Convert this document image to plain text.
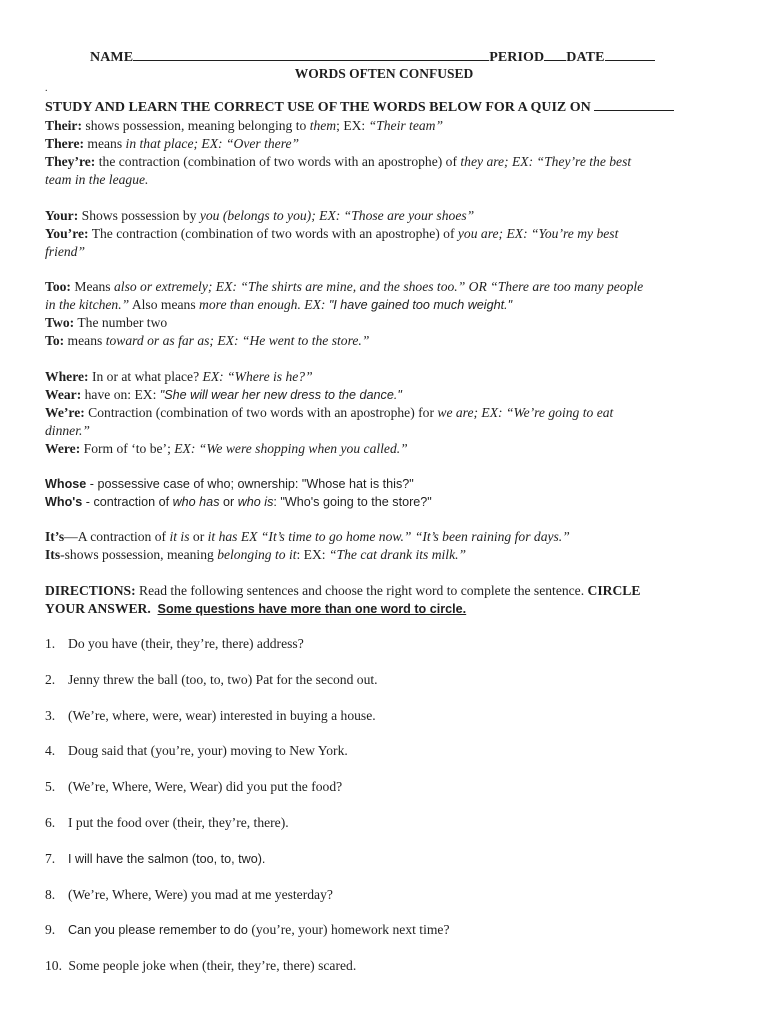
NAME	PERIOD DATE
WORDS OFTEN CONFUSED
.
STUDY AND LEARN THE CORRECT USE OF THE WORDS BELOW FOR A QUIZ ON
Their: shows possession, meaning belonging to them; EX: “Their team”
There: means in that place; EX: “Over there”
They’re: the contraction (combination of two words with an apostrophe) of they are; EX: “They’re the best
team in the league.
Your: Shows possession by you (belongs to you); EX: “Those are your shoes”
You’re: The contraction (combination of two words with an apostrophe) of you are; EX: “You’re my best
friend”
Too: Means also or extremely; EX: “The shirts are mine, and the shoes too.” OR “There are too many people
in the kitchen.” Also means more than enough. EX: "I have gained too much weight."
Two: The number two
To: means toward or as far as; EX: “He went to the store.”
Where: In or at what place? EX: “Where is he?”
Wear: have on: EX: "She will wear her new dress to the dance."
We’re: Contraction (combination of two words with an apostrophe) for we are; EX: “We’re going to eat
dinner.”
Were: Form of ‘to be’; EX: “We were shopping when you called.”
Whose - possessive case of who; ownership: "Whose hat is this?"
Who's - contraction of who has or who is: "Who's going to the store?"
It’s—A contraction of it is or it has EX “It’s time to go home now.” “It’s been raining for days.”
Its-shows possession, meaning belonging to it: EX: “The cat drank its milk.”
DIRECTIONS: Read the following sentences and choose the right word to complete the sentence. CIRCLE
YOUR ANSWER. Some questions have more than one word to circle.
1. Do you have (their, they’re, there) address?
2. Jenny threw the ball (too, to, two) Pat for the second out.
3. (We’re, where, were, wear) interested in buying a house.
4. Doug said that (you’re, your) moving to New York.
5. (We’re, Where, Were, Wear) did you put the food?
6. I put the food over (their, they’re, there).
7. I will have the salmon (too, to, two).
8. (We’re, Where, Were) you mad at me yesterday?
9. Can you please remember to do (you’re, your) homework next time?
10. Some people joke when (their, they’re, there) scared.
